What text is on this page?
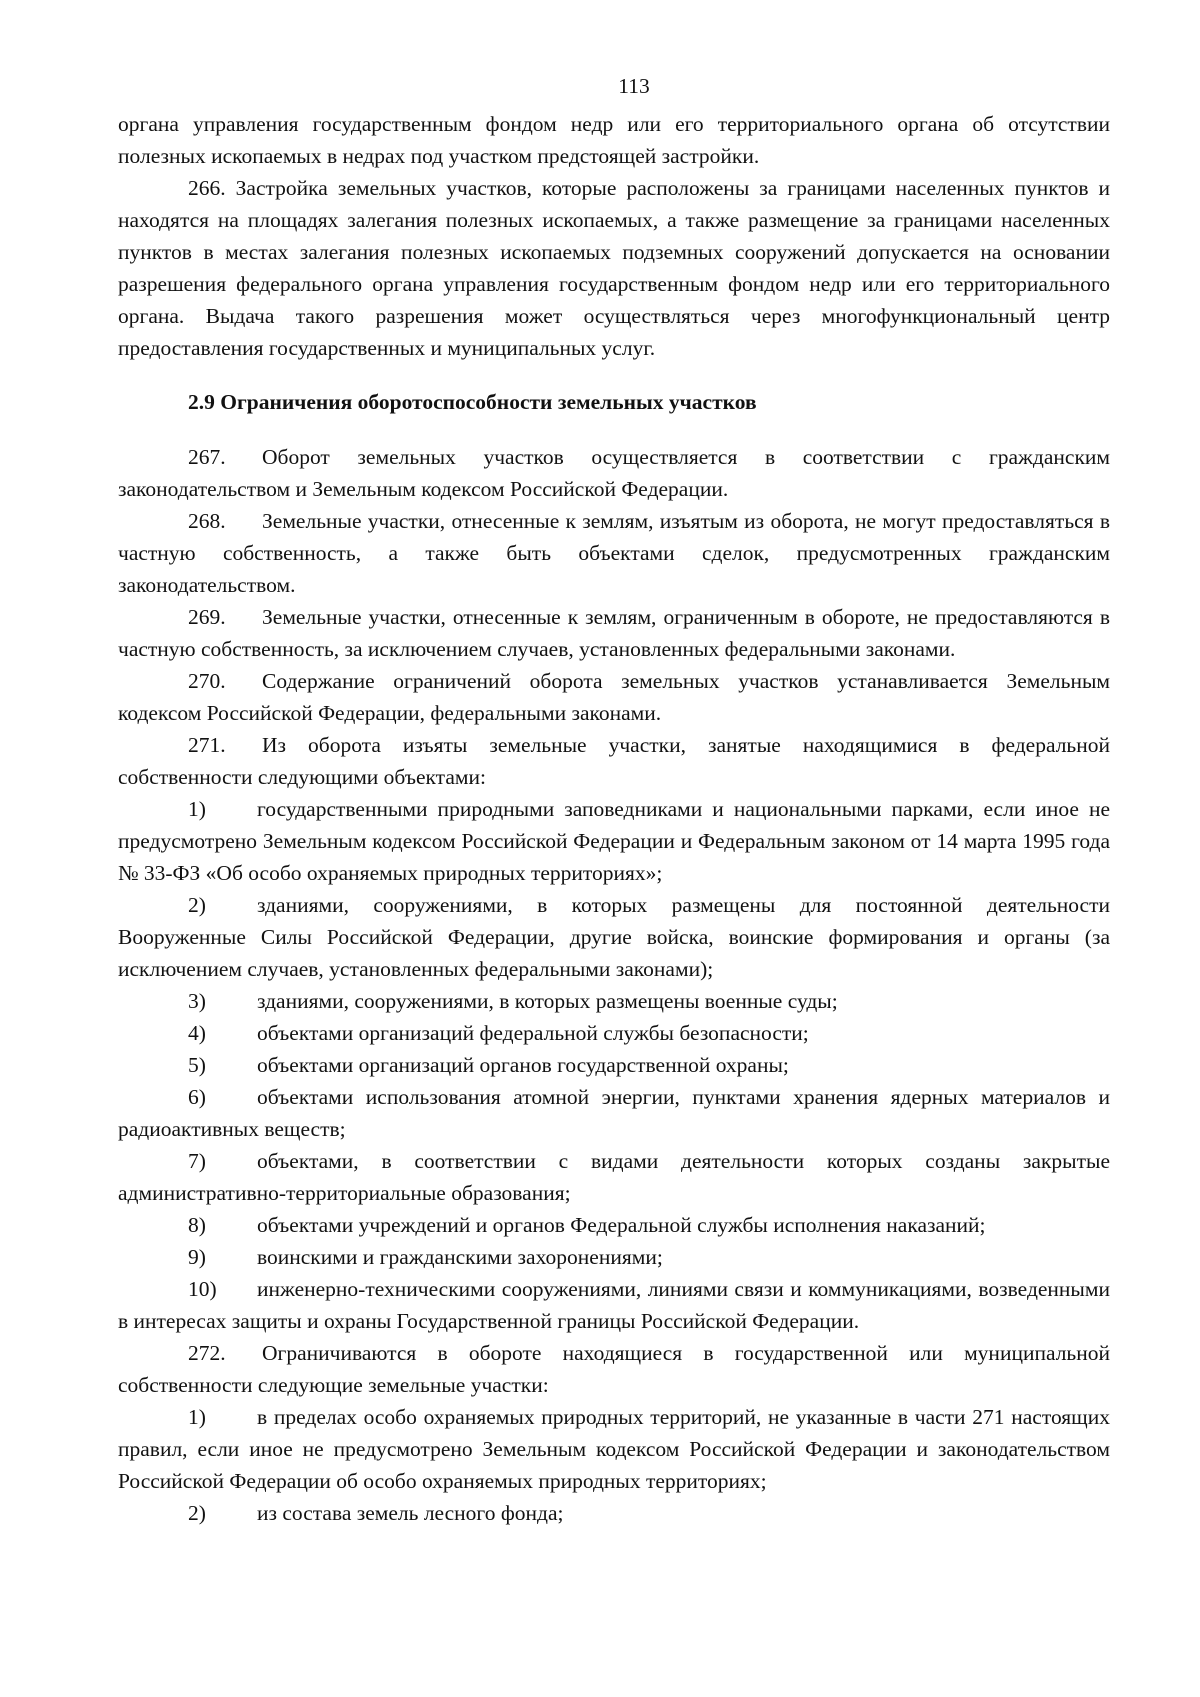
113

органа управления государственным фондом недр или его территориального органа об отсутствии полезных ископаемых в недрах под участком предстоящей застройки.

266. Застройка земельных участков, которые расположены за границами населенных пунктов и находятся на площадях залегания полезных ископаемых, а также размещение за границами населенных пунктов в местах залегания полезных ископаемых подземных сооружений допускается на основании разрешения федерального органа управления государственным фондом недр или его территориального органа. Выдача такого разрешения может осуществляться через многофункциональный центр предоставления государственных и муниципальных услуг.

2.9 Ограничения оборотоспособности земельных участков

267. Оборот земельных участков осуществляется в соответствии с гражданским законодательством и Земельным кодексом Российской Федерации.

268. Земельные участки, отнесенные к землям, изъятым из оборота, не могут предоставляться в частную собственность, а также быть объектами сделок, предусмотренных гражданским законодательством.

269. Земельные участки, отнесенные к землям, ограниченным в обороте, не предоставляются в частную собственность, за исключением случаев, установленных федеральными законами.

270. Содержание ограничений оборота земельных участков устанавливается Земельным кодексом Российской Федерации, федеральными законами.

271. Из оборота изъяты земельные участки, занятые находящимися в федеральной собственности следующими объектами:

1) государственными природными заповедниками и национальными парками, если иное не предусмотрено Земельным кодексом Российской Федерации и Федеральным законом от 14 марта 1995 года № 33-ФЗ «Об особо охраняемых природных территориях»;

2) зданиями, сооружениями, в которых размещены для постоянной деятельности Вооруженные Силы Российской Федерации, другие войска, воинские формирования и органы (за исключением случаев, установленных федеральными законами);

3) зданиями, сооружениями, в которых размещены военные суды;

4) объектами организаций федеральной службы безопасности;

5) объектами организаций органов государственной охраны;

6) объектами использования атомной энергии, пунктами хранения ядерных материалов и радиоактивных веществ;

7) объектами, в соответствии с видами деятельности которых созданы закрытые административно-территориальные образования;

8) объектами учреждений и органов Федеральной службы исполнения наказаний;

9) воинскими и гражданскими захоронениями;

10) инженерно-техническими сооружениями, линиями связи и коммуникациями, возведенными в интересах защиты и охраны Государственной границы Российской Федерации.

272. Ограничиваются в обороте находящиеся в государственной или муниципальной собственности следующие земельные участки:

1) в пределах особо охраняемых природных территорий, не указанные в части 271 настоящих правил, если иное не предусмотрено Земельным кодексом Российской Федерации и законодательством Российской Федерации об особо охраняемых природных территориях;

2) из состава земель лесного фонда;
